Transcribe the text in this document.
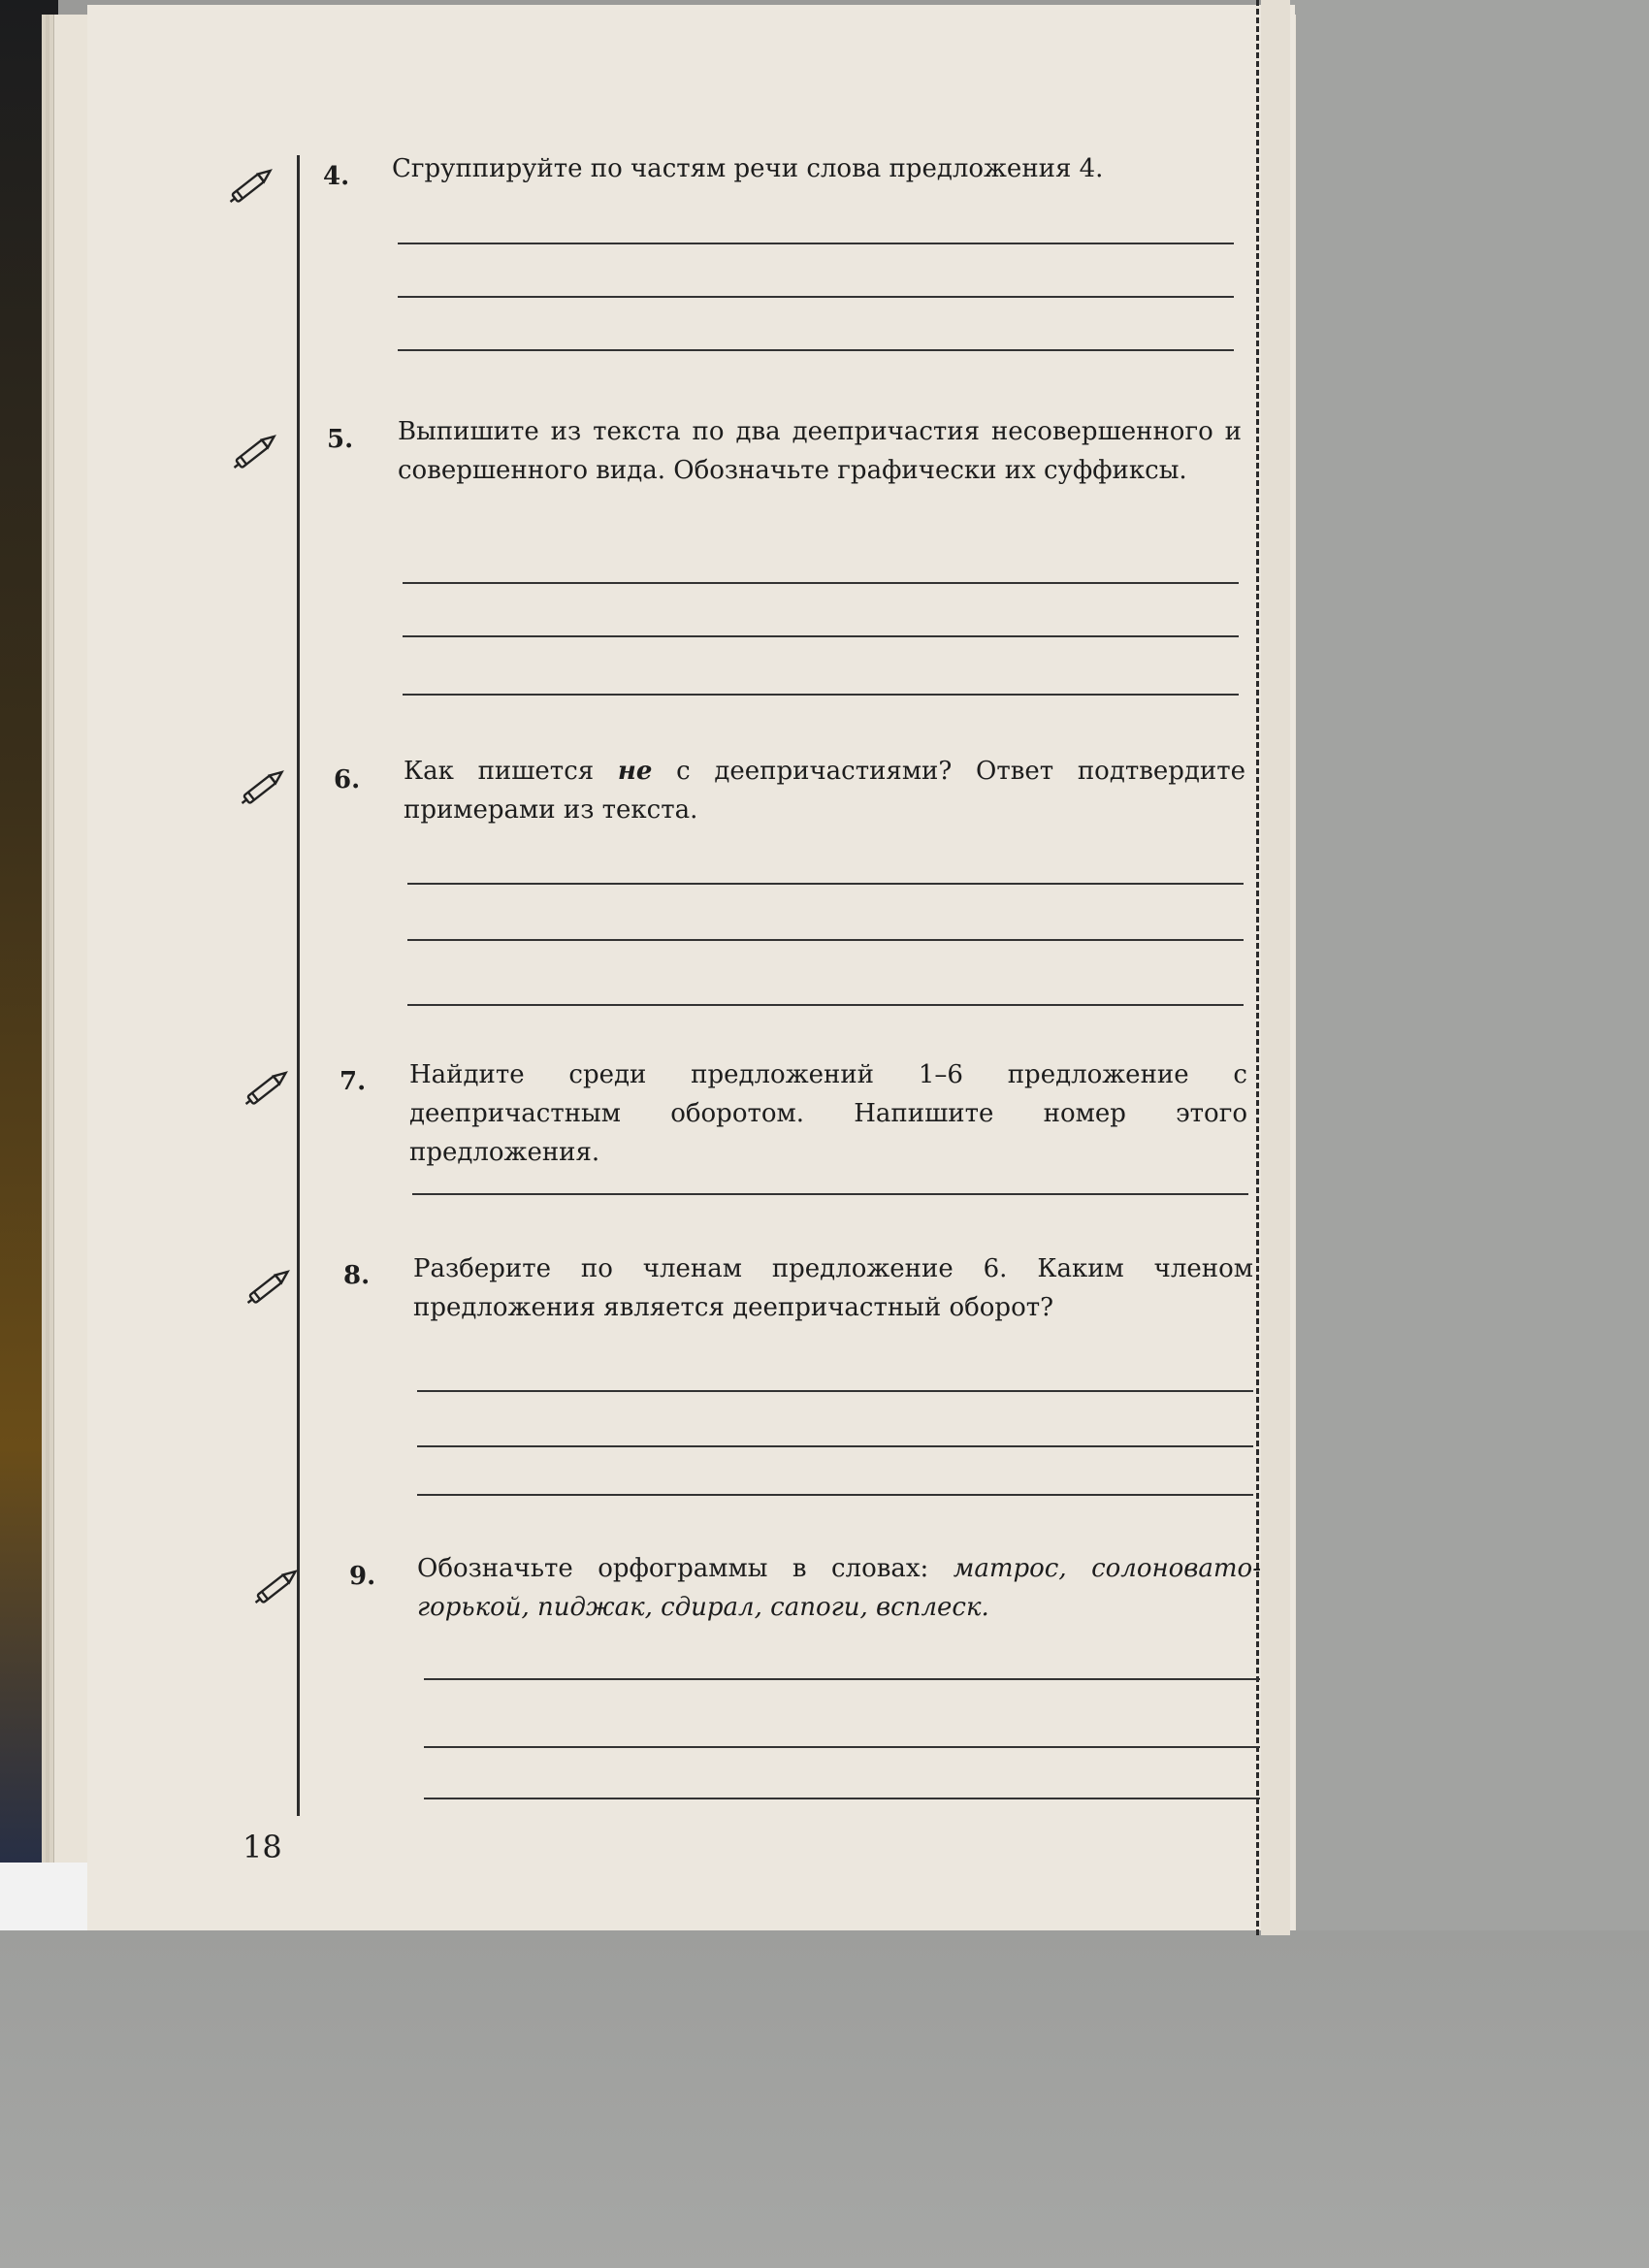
4. Сгруппируйте по частям речи слова предложения 4.
5. Выпишите из текста по два деепричастия несовершенного и совершенного вида. Обозначьте графически их суффиксы.
6. Как пишется не с деепричастиями? Ответ подтвердите примерами из текста.
7. Найдите среди предложений 1–6 предложение с деепричастным оборотом. Напишите номер этого предложения.
8. Разберите по членам предложение 6. Каким членом предложения является деепричастный оборот?
9. Обозначьте орфограммы в словах: матрос, солоновато-горькой, пиджак, сдирал, сапоги, всплеск.
18
